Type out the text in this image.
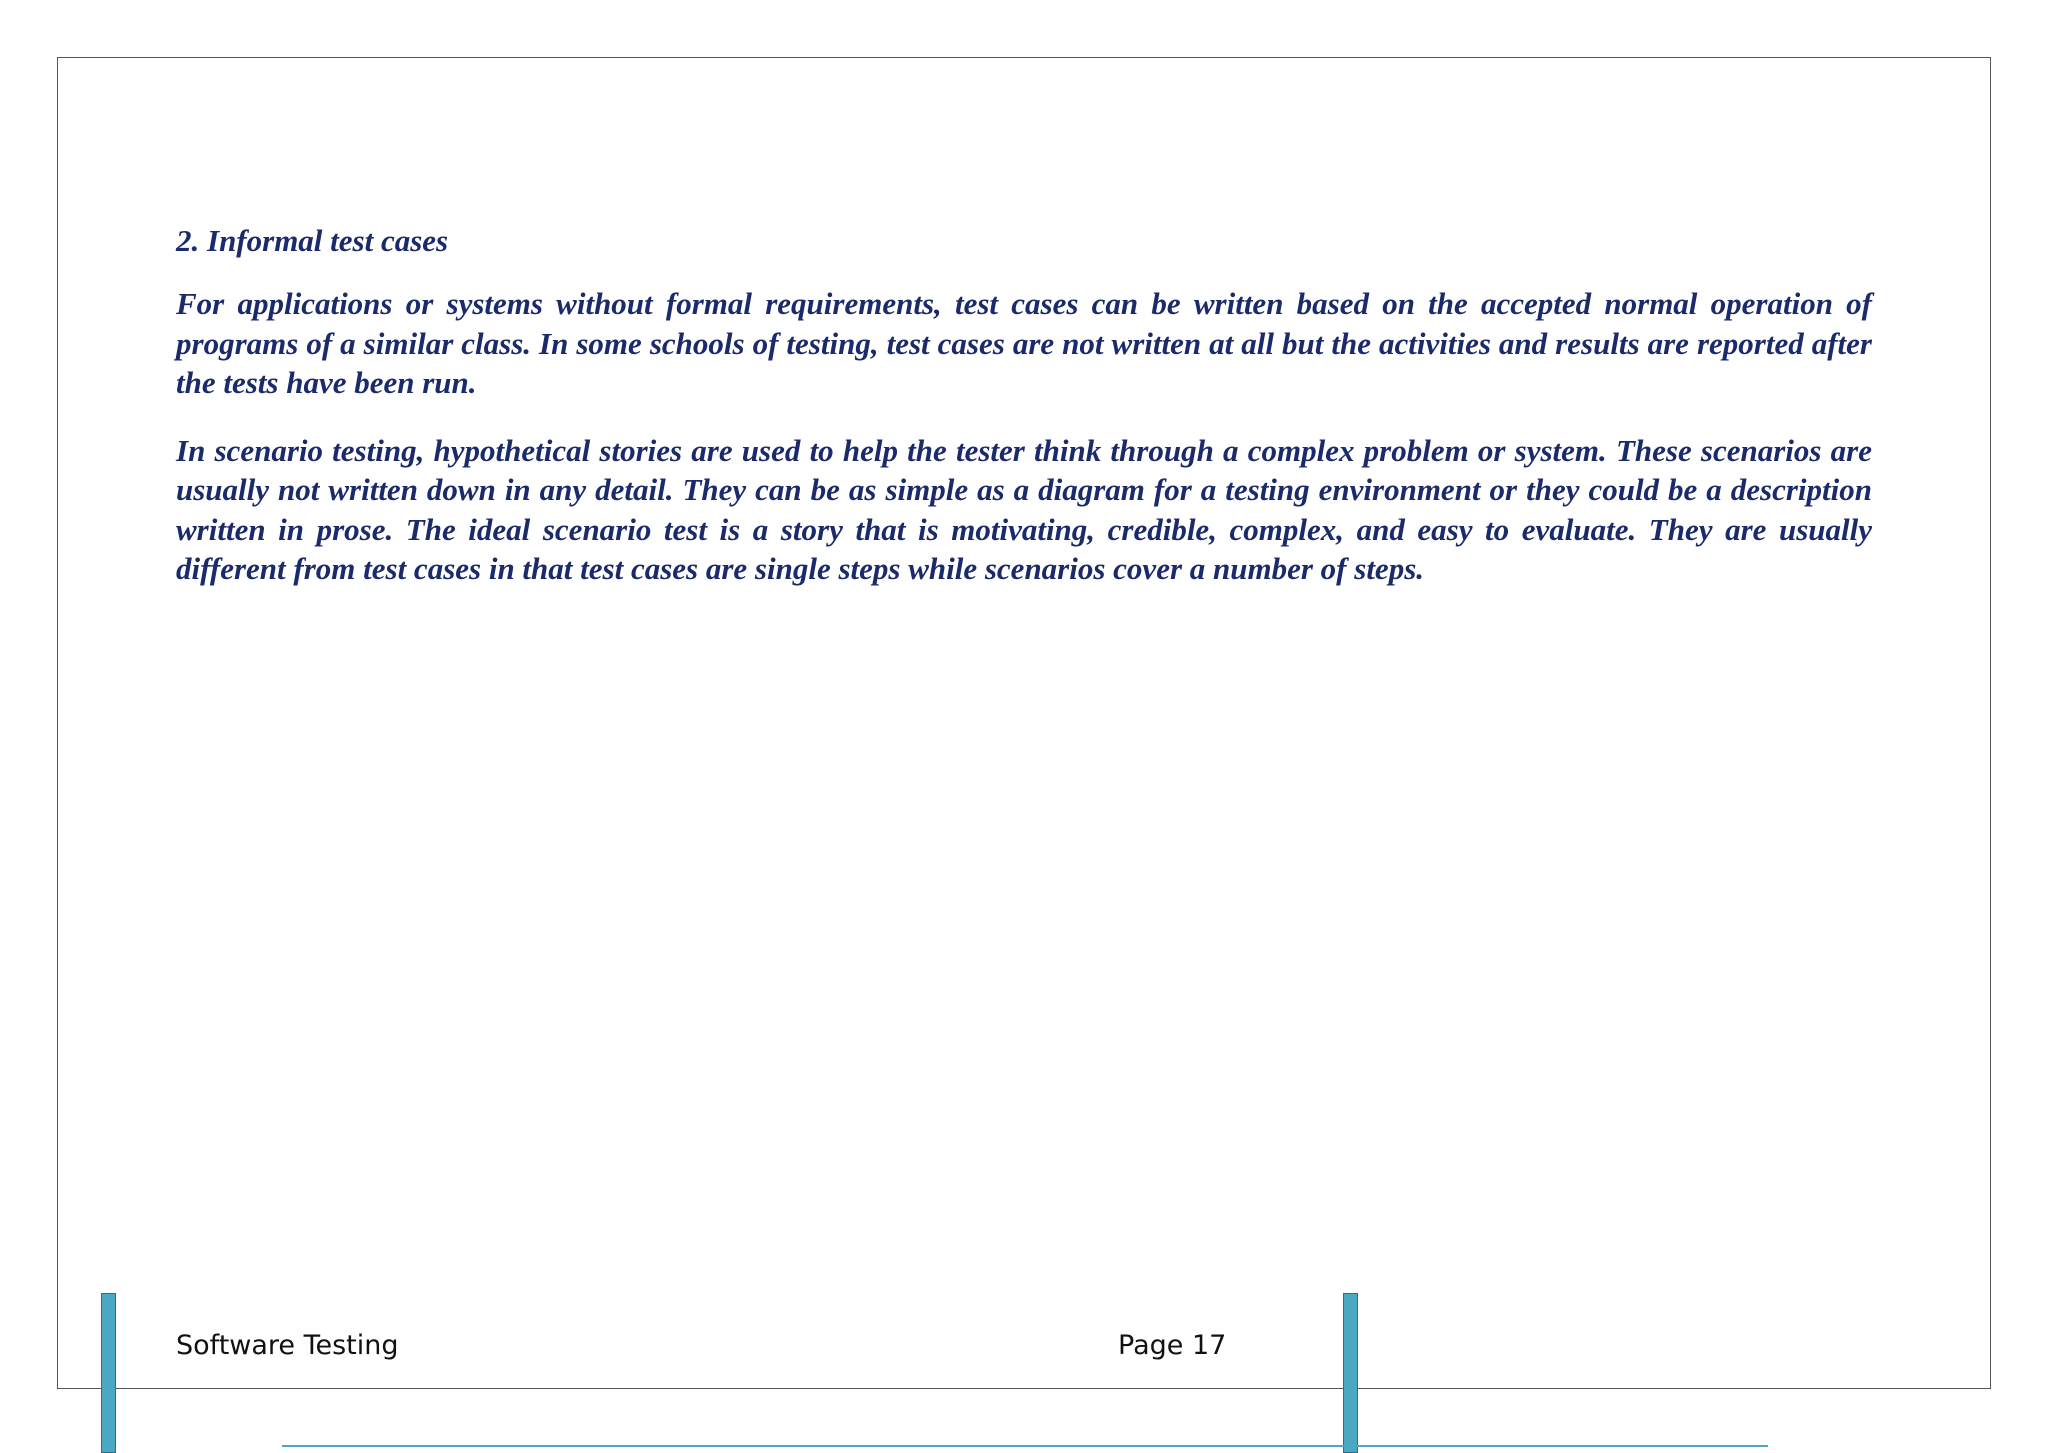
2. Informal test cases

For applications or systems without formal requirements, test cases can be written based on the accepted normal operation of programs of a similar class. In some schools of testing, test cases are not written at all but the activities and results are reported after the tests have been run.

In scenario testing, hypothetical stories are used to help the tester think through a complex problem or system. These scenarios are usually not written down in any detail. They can be as simple as a diagram for a testing environment or they could be a description written in prose. The ideal scenario test is a story that is motivating, credible, complex, and easy to evaluate. They are usually different from test cases in that test cases are single steps while scenarios cover a number of steps.

Software Testing	Page 17
